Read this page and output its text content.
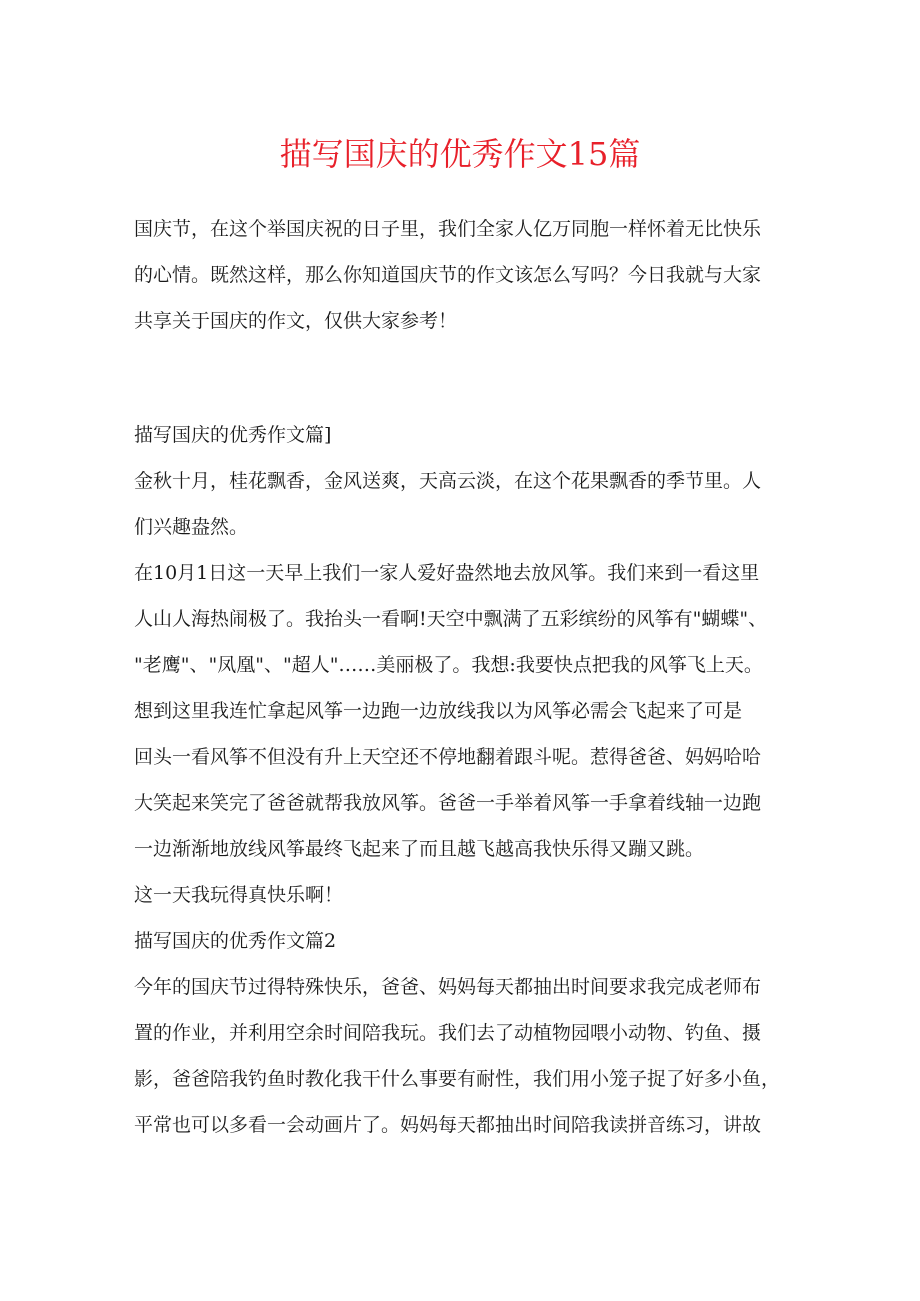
描写国庆的优秀作文15篇

国庆节，在这个举国庆祝的日子里，我们全家人亿万同胞一样怀着无比快乐

的心情。既然这样，那么你知道国庆节的作文该怎么写吗？今日我就与大家

共享关于国庆的作文，仅供大家参考！

描写国庆的优秀作文篇]

金秋十月，桂花飘香，金风送爽，天高云淡，在这个花果飘香的季节里。人

们兴趣盎然。

在10月1日这一天早上我们一家人爱好盎然地去放风筝。我们来到一看这里

人山人海热闹极了。我抬头一看啊!天空中飘满了五彩缤纷的风筝有"蝴蝶"、

"老鹰"、"凤凰"、"超人"……美丽极了。我想:我要快点把我的风筝飞上天。

想到这里我连忙拿起风筝一边跑一边放线我以为风筝必需会飞起来了可是

回头一看风筝不但没有升上天空还不停地翻着跟斗呢。惹得爸爸、妈妈哈哈

大笑起来笑完了爸爸就帮我放风筝。爸爸一手举着风筝一手拿着线轴一边跑

一边渐渐地放线风筝最终飞起来了而且越飞越高我快乐得又蹦又跳。

这一天我玩得真快乐啊！

描写国庆的优秀作文篇2

今年的国庆节过得特殊快乐，爸爸、妈妈每天都抽出时间要求我完成老师布

置的作业，并利用空余时间陪我玩。我们去了动植物园喂小动物、钓鱼、摄

影，爸爸陪我钓鱼时教化我干什么事要有耐性，我们用小笼子捉了好多小鱼，

平常也可以多看一会动画片了。妈妈每天都抽出时间陪我读拼音练习，讲故
